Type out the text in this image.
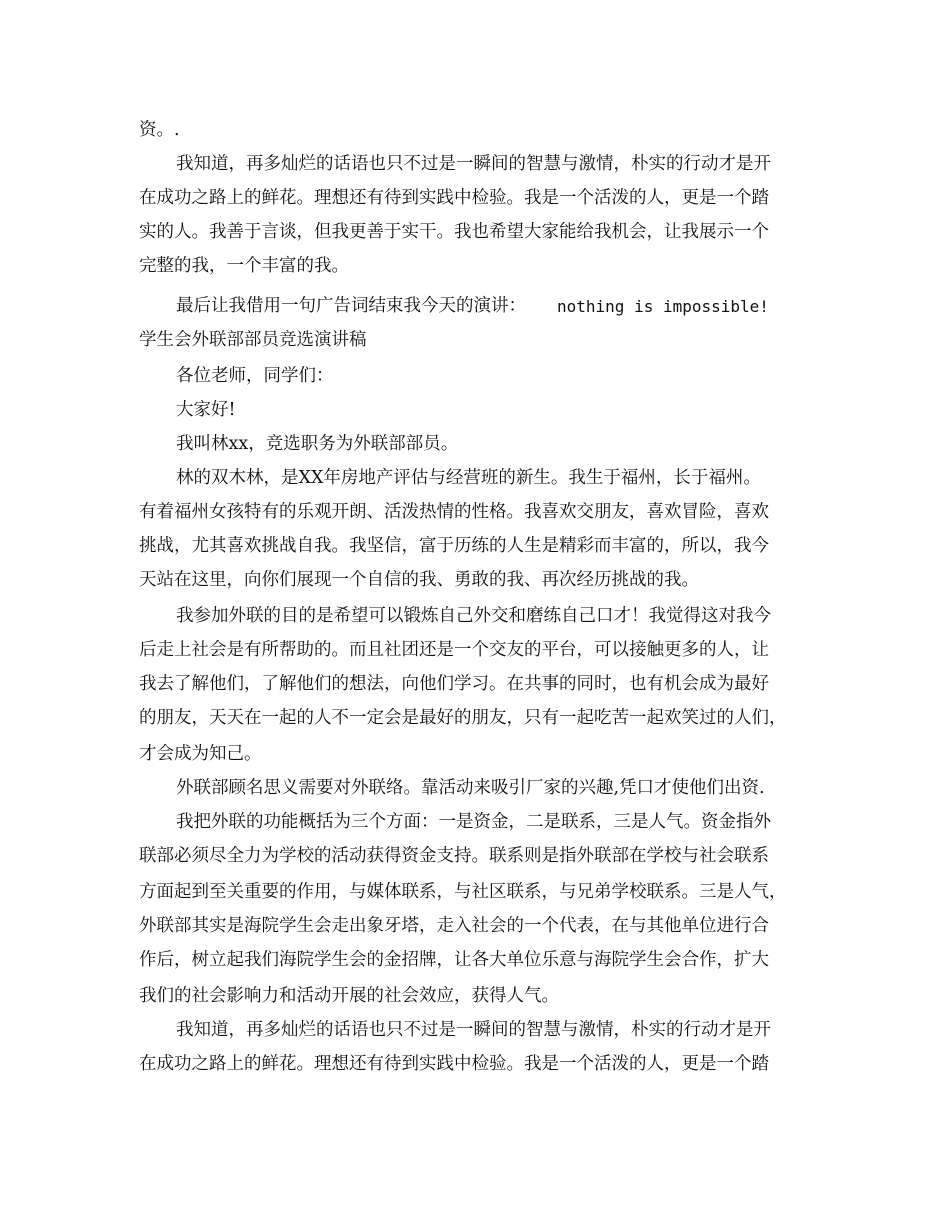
资。.
我知道，再多灿烂的话语也只不过是一瞬间的智慧与激情，朴实的行动才是开
在成功之路上的鲜花。理想还有待到实践中检验。我是一个活泼的人，更是一个踏
实的人。我善于言谈，但我更善于实干。我也希望大家能给我机会，让我展示一个
完整的我，一个丰富的我。
最后让我借用一句广告词结束我今天的演讲： nothing is impossible!
学生会外联部部员竞选演讲稿
各位老师，同学们：
大家好!
我叫林xx，竞选职务为外联部部员。
林的双木林，是XX年房地产评估与经营班的新生。我生于福州，长于福州。
有着福州女孩特有的乐观开朗、活泼热情的性格。我喜欢交朋友，喜欢冒险，喜欢
挑战，尤其喜欢挑战自我。我坚信，富于历练的人生是精彩而丰富的，所以，我今
天站在这里，向你们展现一个自信的我、勇敢的我、再次经历挑战的我。
我参加外联的目的是希望可以锻炼自己外交和磨练自己口才！我觉得这对我今
后走上社会是有所帮助的。而且社团还是一个交友的平台，可以接触更多的人，让
我去了解他们，了解他们的想法，向他们学习。在共事的同时，也有机会成为最好
的朋友，天天在一起的人不一定会是最好的朋友，只有一起吃苦一起欢笑过的人们，
才会成为知己。
外联部顾名思义需要对外联络。靠活动来吸引厂家的兴趣,凭口才使他们出资.
我把外联的功能概括为三个方面：一是资金，二是联系，三是人气。资金指外
联部必须尽全力为学校的活动获得资金支持。联系则是指外联部在学校与社会联系
方面起到至关重要的作用，与媒体联系，与社区联系，与兄弟学校联系。三是人气，
外联部其实是海院学生会走出象牙塔，走入社会的一个代表，在与其他单位进行合
作后，树立起我们海院学生会的金招牌，让各大单位乐意与海院学生会合作，扩大
我们的社会影响力和活动开展的社会效应，获得人气。
我知道，再多灿烂的话语也只不过是一瞬间的智慧与激情，朴实的行动才是开
在成功之路上的鲜花。理想还有待到实践中检验。我是一个活泼的人，更是一个踏
